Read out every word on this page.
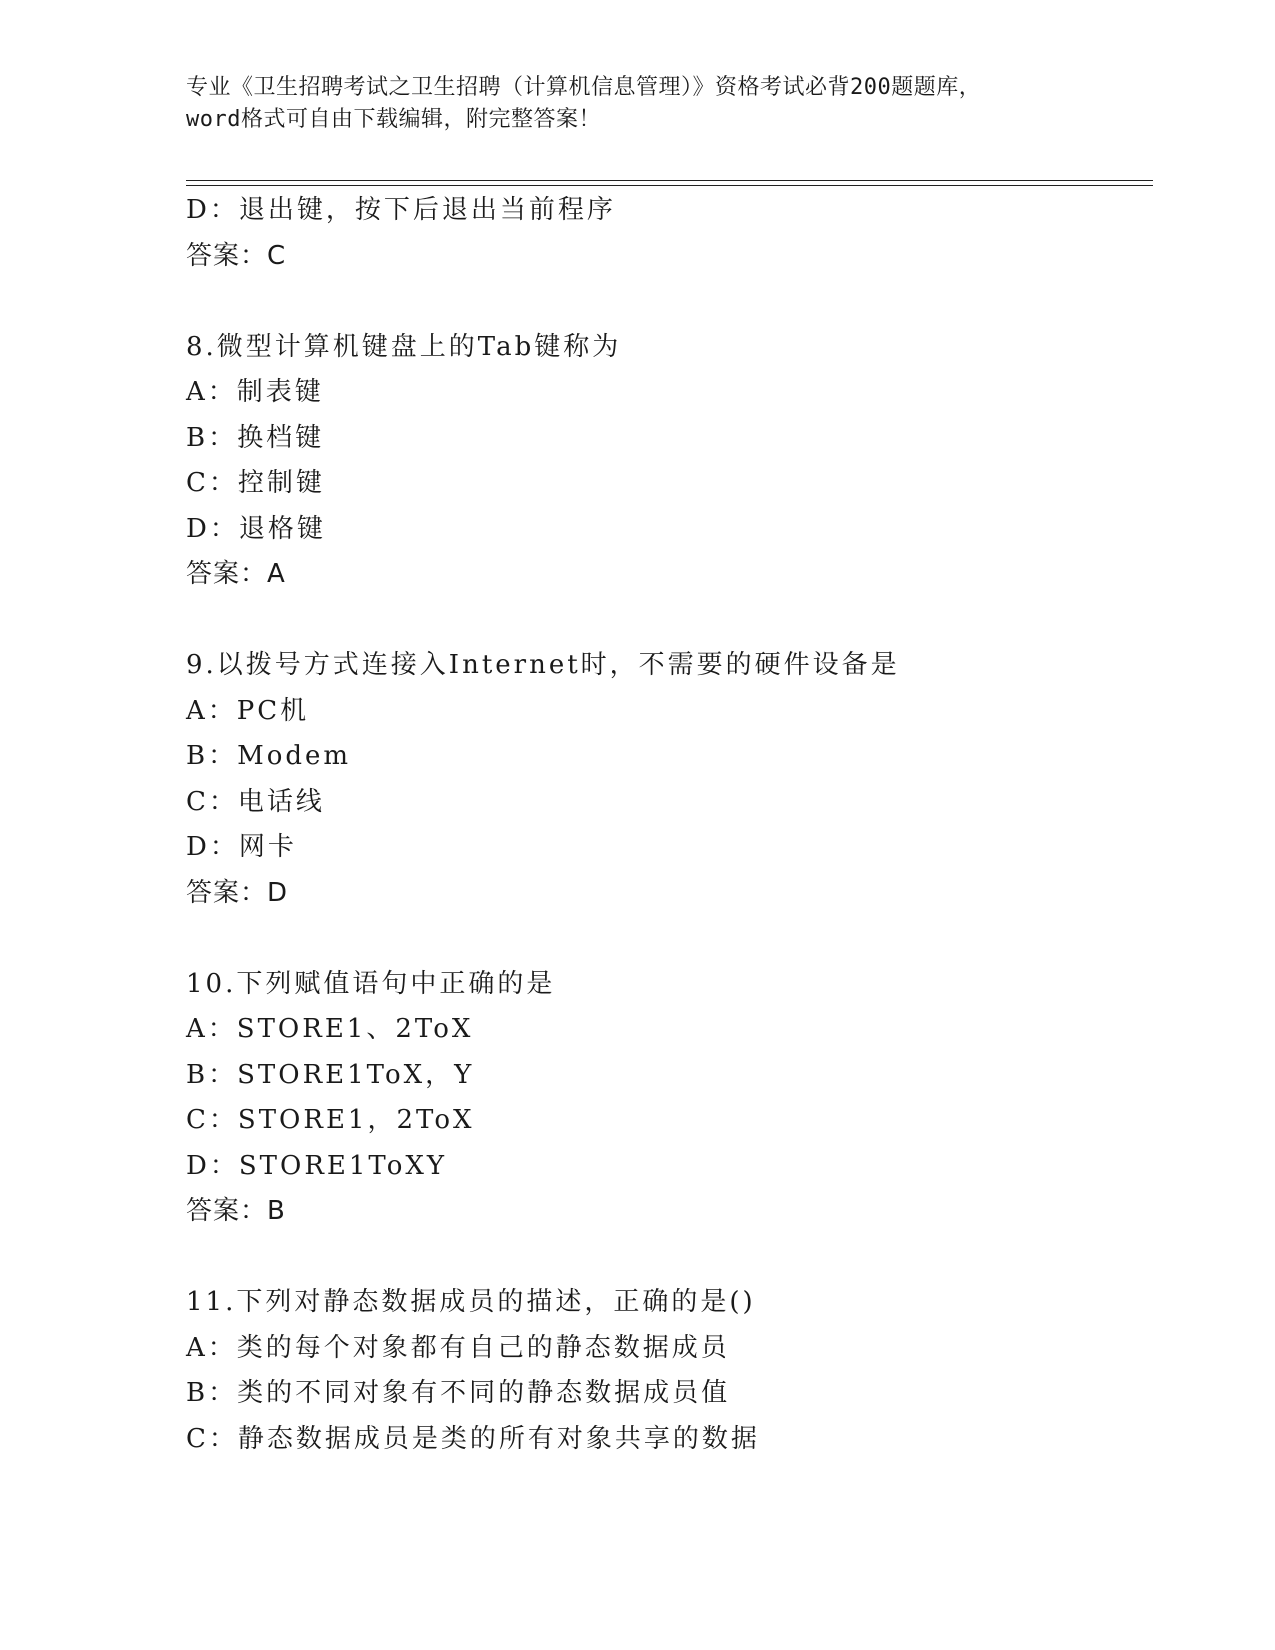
专业《卫生招聘考试之卫生招聘（计算机信息管理）》资格考试必背200题题库，
word格式可自由下载编辑，附完整答案！
D：退出键，按下后退出当前程序
答案：C
8.微型计算机键盘上的Tab键称为
A：制表键
B：换档键
C：控制键
D：退格键
答案：A
9.以拨号方式连接入Internet时，不需要的硬件设备是
A：PC机
B：Modem
C：电话线
D：网卡
答案：D
10.下列赋值语句中正确的是
A：STORE1、2ToX
B：STORE1ToX，Y
C：STORE1，2ToX
D：STORE1ToXY
答案：B
11.下列对静态数据成员的描述，正确的是()
A：类的每个对象都有自己的静态数据成员
B：类的不同对象有不同的静态数据成员值
C：静态数据成员是类的所有对象共享的数据
